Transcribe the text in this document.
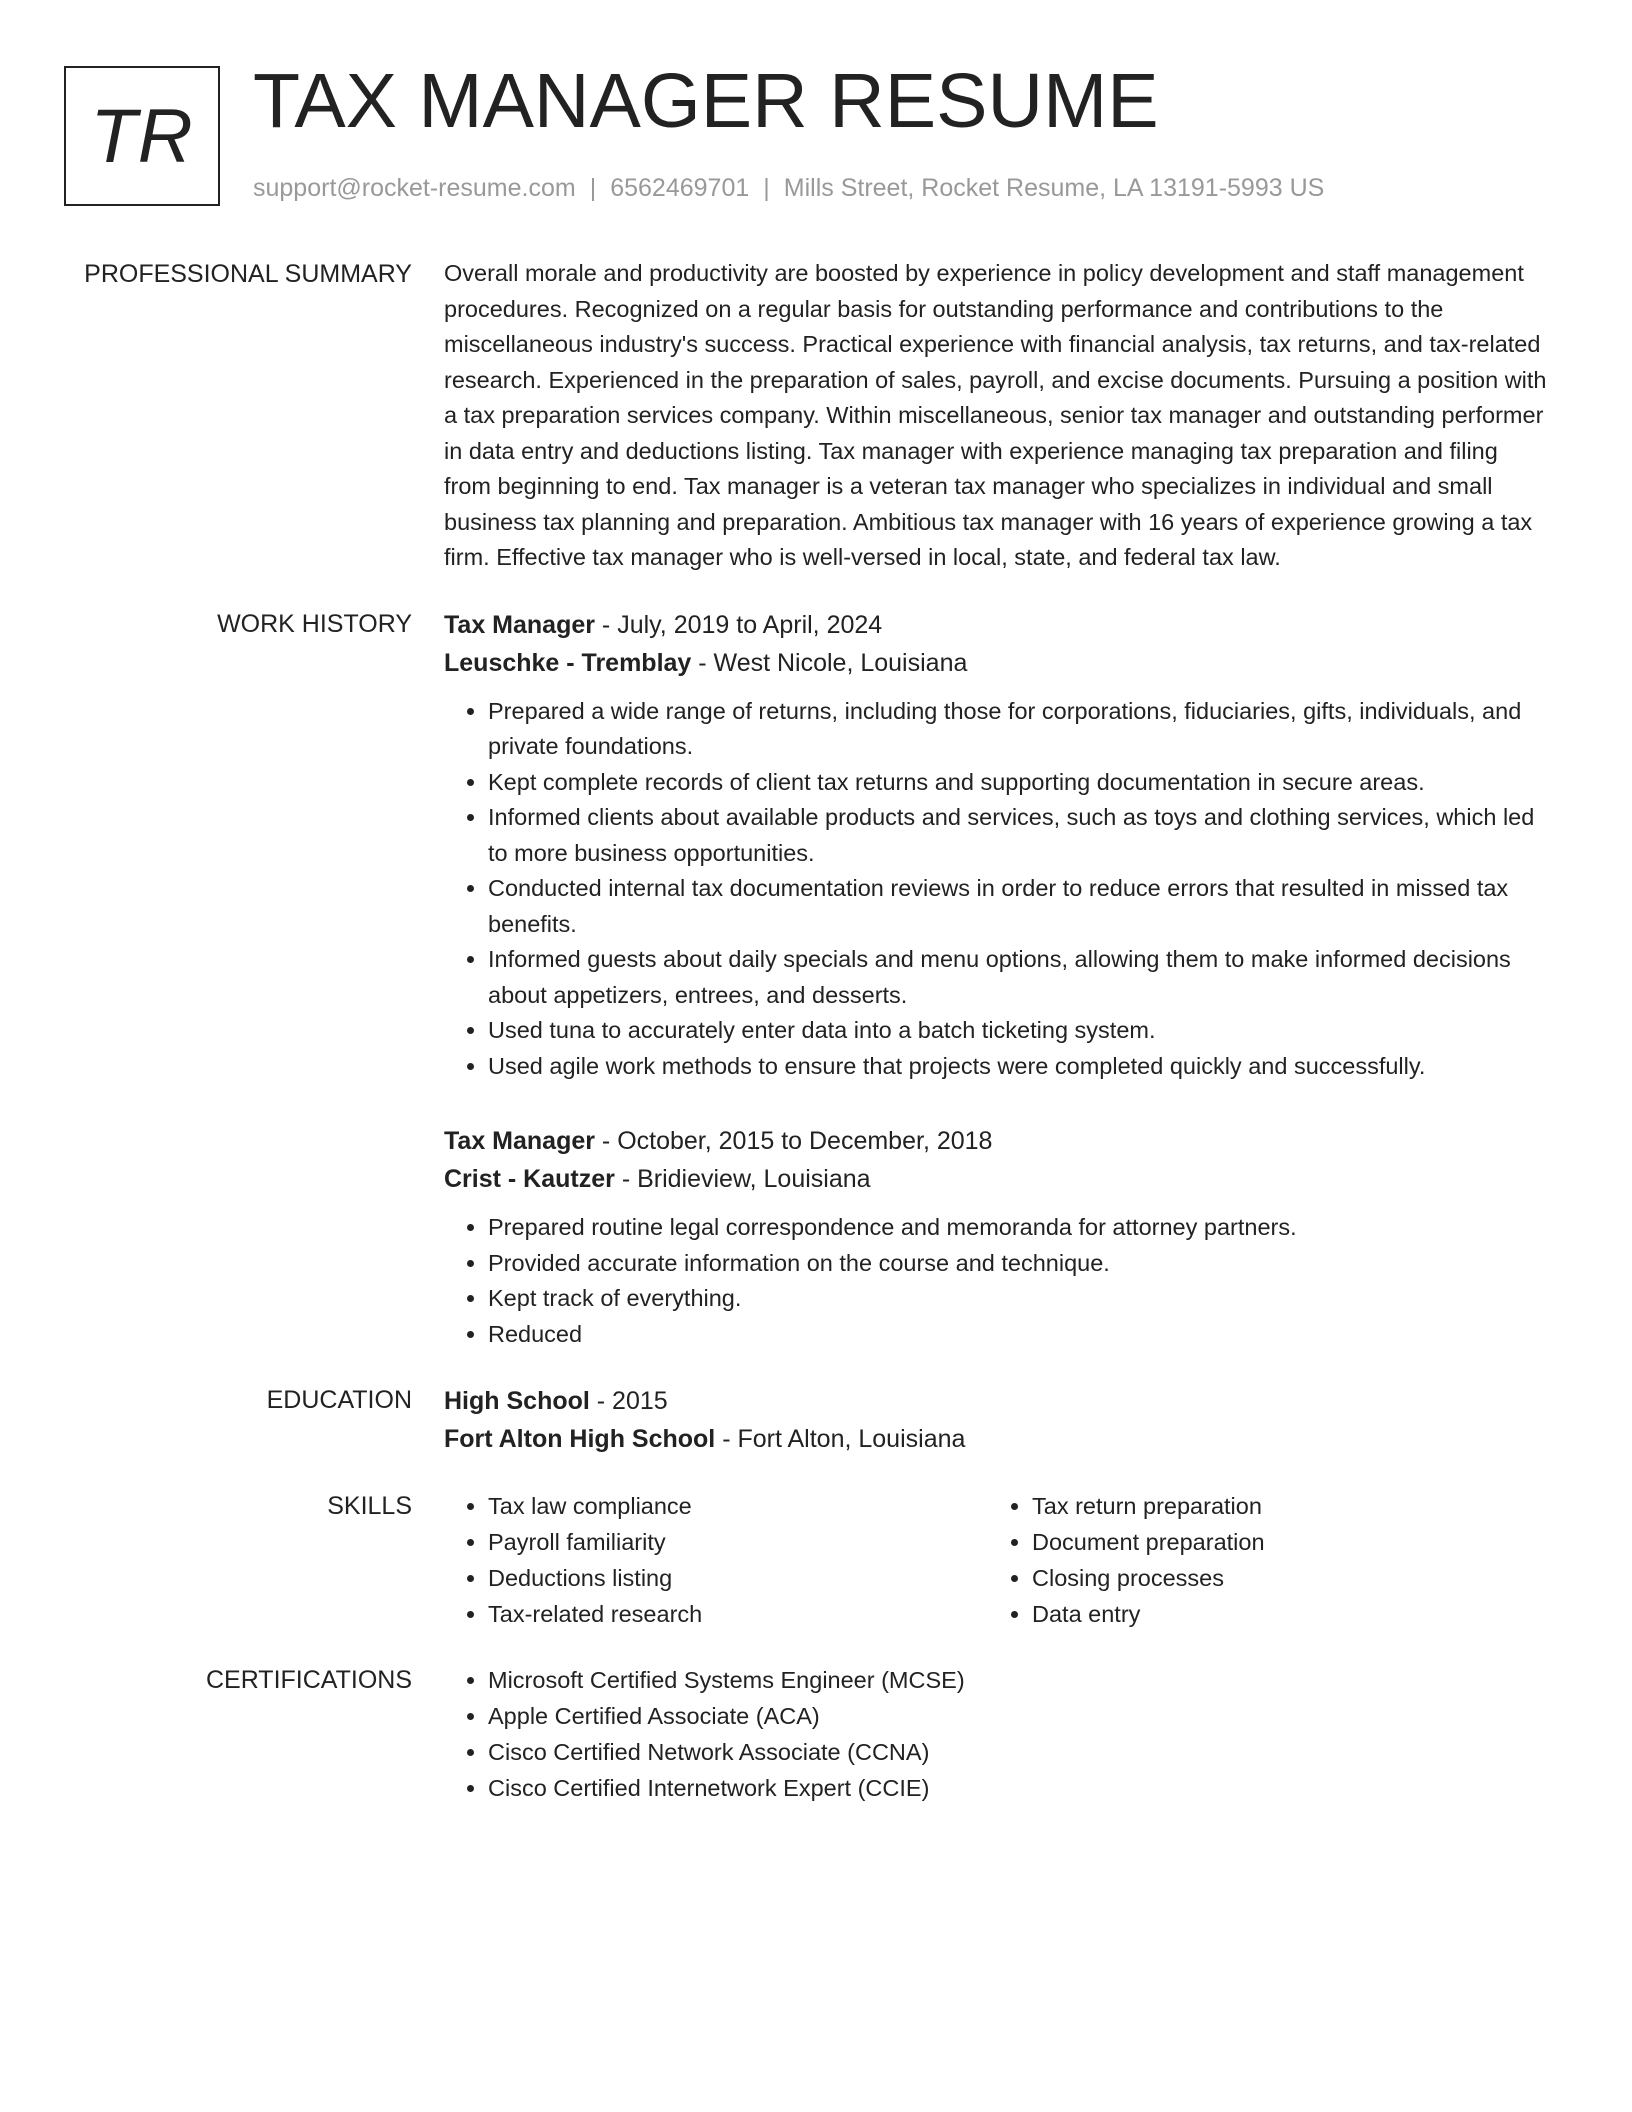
TR TAX MANAGER RESUME
support@rocket-resume.com | 6562469701 | Mills Street, Rocket Resume, LA 13191-5993 US
PROFESSIONAL SUMMARY Overall morale and productivity are boosted by experience in policy development and staff management procedures. Recognized on a regular basis for outstanding performance and contributions to the miscellaneous industry's success. Practical experience with financial analysis, tax returns, and tax-related research. Experienced in the preparation of sales, payroll, and excise documents. Pursuing a position with a tax preparation services company. Within miscellaneous, senior tax manager and outstanding performer in data entry and deductions listing. Tax manager with experience managing tax preparation and filing from beginning to end. Tax manager is a veteran tax manager who specializes in individual and small business tax planning and preparation. Ambitious tax manager with 16 years of experience growing a tax firm. Effective tax manager who is well-versed in local, state, and federal tax law.

WORK HISTORY Tax Manager - July, 2019 to April, 2024
Leuschke - Tremblay - West Nicole, Louisiana
• Prepared a wide range of returns, including those for corporations, fiduciaries, gifts, individuals, and private foundations.
• Kept complete records of client tax returns and supporting documentation in secure areas.
• Informed clients about available products and services, such as toys and clothing services, which led to more business opportunities.
• Conducted internal tax documentation reviews in order to reduce errors that resulted in missed tax benefits.
• Informed guests about daily specials and menu options, allowing them to make informed decisions about appetizers, entrees, and desserts.
• Used tuna to accurately enter data into a batch ticketing system.
• Used agile work methods to ensure that projects were completed quickly and successfully.
Tax Manager - October, 2015 to December, 2018
Crist - Kautzer - Bridieview, Louisiana
• Prepared routine legal correspondence and memoranda for attorney partners.
• Provided accurate information on the course and technique.
• Kept track of everything.
• Reduced
EDUCATION High School - 2015
Fort Alton High School - Fort Alton, Louisiana
SKILLS	• Tax law compliance
• Payroll familiarity
• Deductions listing
• Tax-related research
• Tax return preparation
• Document preparation
• Closing processes
• Data entry
CERTIFICATIONS	• Microsoft Certified Systems Engineer (MCSE)
• Apple Certified Associate (ACA)
• Cisco Certified Network Associate (CCNA)
• Cisco Certified Internetwork Expert (CCIE)
